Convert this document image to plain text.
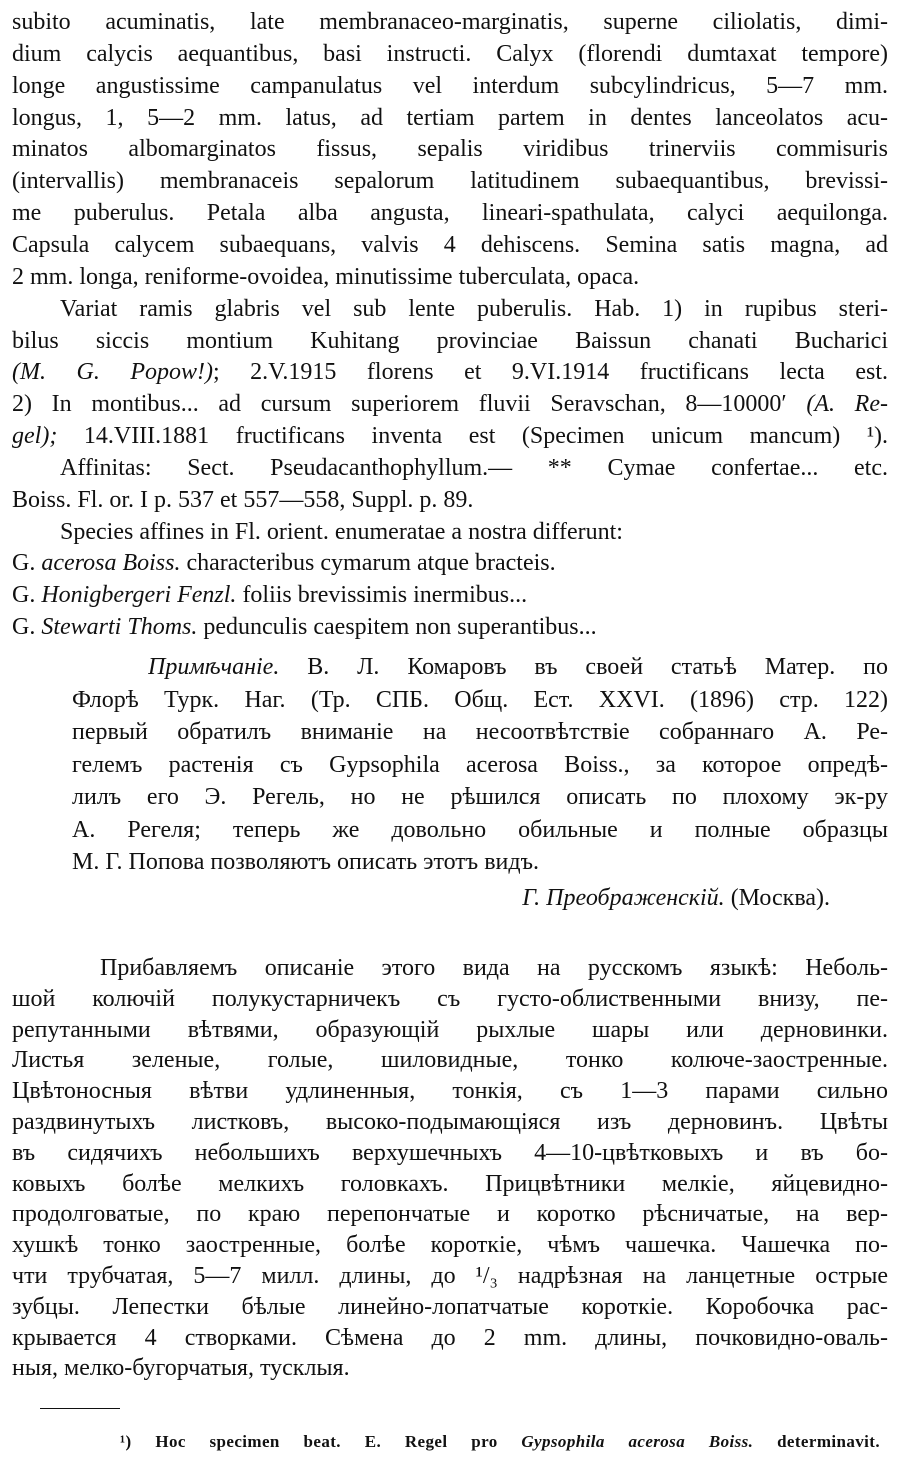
subito acuminatis, late membranaceo-marginatis, superne ciliolatis, dimi-
dium calycis aequantibus, basi instructi. Calyx (florendi dumtaxat tempore)
longe angustissime campanulatus vel interdum subcylindricus, 5—7 mm.
longus, 1, 5—2 mm. latus, ad tertiam partem in dentes lanceolatos acu-
minatos albomarginatos fissus, sepalis viridibus trinerviis commisuris
(intervallis) membranaceis sepalorum latitudinem subaequantibus, brevissi-
me puberulus. Petala alba angusta, lineari-spathulata, calyci aequilonga.
Capsula calycem subaequans, valvis 4 dehiscens. Semina satis magna, ad
2 mm. longa, reniforme-ovoidea, minutissime tuberculata, opaca.
Variat ramis glabris vel sub lente puberulis. Hab. 1) in rupibus steri-
bilus siccis montium Kuhitang provinciae Baissun chanati Bucharici
(M. G. Popow!); 2.V.1915 florens et 9.VI.1914 fructificans lecta est.
2) In montibus... ad cursum superiorem fluvii Seravschan, 8—10000′ (A. Re-
gel); 14.VIII.1881 fructificans inventa est (Specimen unicum mancum) ¹).
Affinitas: Sect. Pseudacanthophyllum.— ** Cymae confertae... etc.
Boiss. Fl. or. I p. 537 et 557—558, Suppl. p. 89.
Species affines in Fl. orient. enumeratae a nostra differunt:
G. acerosa Boiss. characteribus cymarum atque bracteis.
G. Honigbergeri Fenzl. foliis brevissimis inermibus...
G. Stewarti Thoms. pedunculis caespitem non superantibus...
Примѣчаніе. В. Л. Комаровъ въ своей статьѣ Матер. по
Флорѣ Турк. Наг. (Тр. СПБ. Общ. Ест. XXVI. (1896) стр. 122)
первый обратилъ вниманіе на несоотвѣтствіе собраннаго А. Ре-
гелемъ растенія съ Gypsophila acerosa Boiss., за которое опредѣ-
лилъ его Э. Регель, но не рѣшился описать по плохому эк-ру
А. Регеля; теперь же довольно обильные и полные образцы
М. Г. Попова позволяютъ описать этотъ видъ.
Г. Преображенскій. (Москва).
Прибавляемъ описаніе этого вида на русскомъ языкѣ: Неболь-
шой колючій полукустарничекъ съ густо-облиственными внизу, пе-
репутанными вѣтвями, образующій рыхлые шары или дерновинки.
Листья зеленые, голые, шиловидные, тонко колюче-заостренные.
Цвѣтоносныя вѣтви удлиненныя, тонкія, съ 1—3 парами сильно
раздвинутыхъ листковъ, высоко-подымающіяся изъ дерновинъ. Цвѣты
въ сидячихъ небольшихъ верхушечныхъ 4—10-цвѣтковыхъ и въ бо-
ковыхъ болѣе мелкихъ головкахъ. Прицвѣтники мелкіе, яйцевидно-
продолговатые, по краю перепончатые и коротко рѣсничатые, на вер-
хушкѣ тонко заостренные, болѣе короткіе, чѣмъ чашечка. Чашечка по-
чти трубчатая, 5—7 милл. длины, до ¹/₃ надрѣзная на ланцетные острые
зубцы. Лепестки бѣлые линейно-лопатчатые короткіе. Коробочка рас-
крывается 4 створками. Сѣмена до 2 mm. длины, почковидно-оваль-
ныя, мелко-бугорчатыя, тусклыя.
¹) Hoc specimen beat. E. Regel pro Gypsophila acerosa Boiss. determinavit.
